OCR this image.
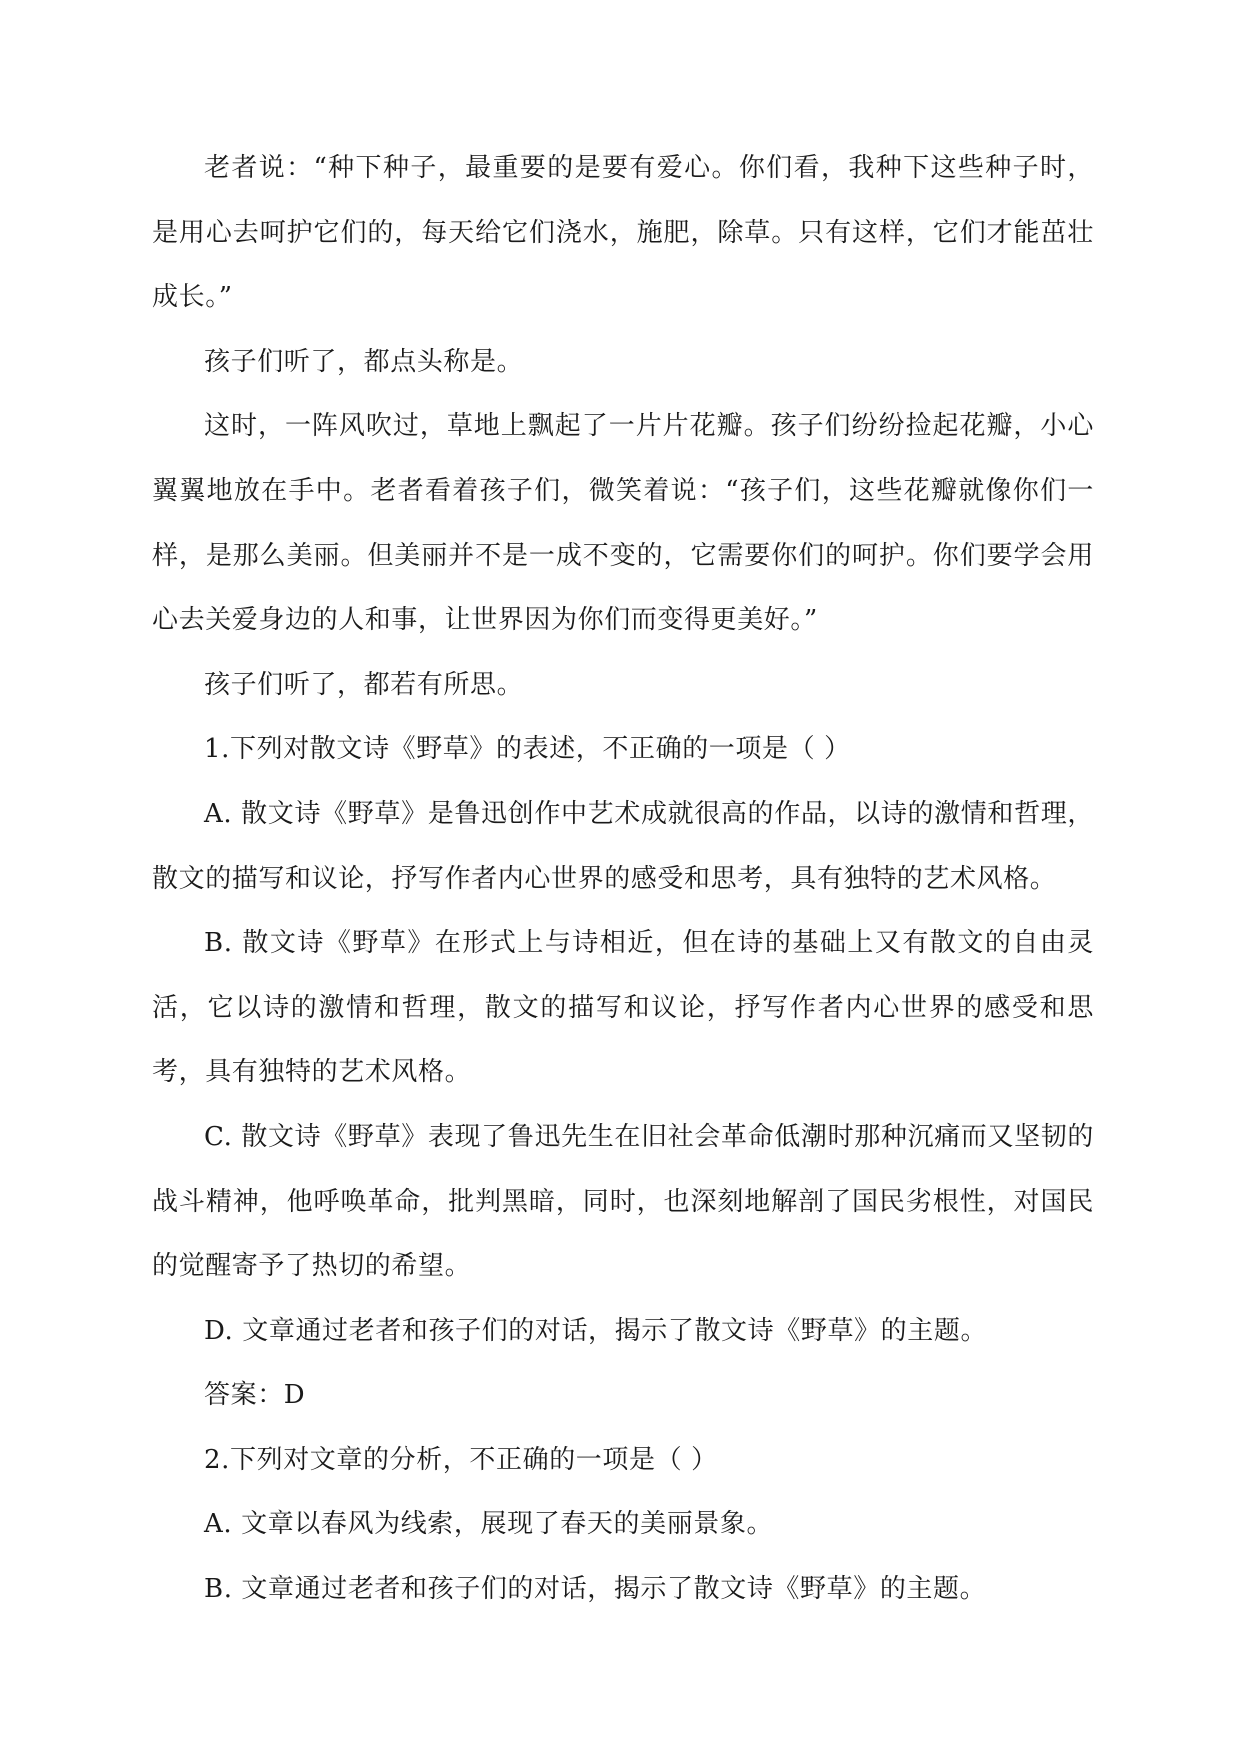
老者说：“种下种子，最重要的是要有爱心。你们看，我种下这些种子时，是用心去呵护它们的，每天给它们浇水，施肥，除草。只有这样，它们才能茁壮成长。”

孩子们听了，都点头称是。

这时，一阵风吹过，草地上飘起了一片片花瓣。孩子们纷纷捡起花瓣，小心翼翼地放在手中。老者看着孩子们，微笑着说：“孩子们，这些花瓣就像你们一样，是那么美丽。但美丽并不是一成不变的，它需要你们的呵护。你们要学会用心去关爱身边的人和事，让世界因为你们而变得更美好。”

孩子们听了，都若有所思。

1.下列对散文诗《野草》的表述，不正确的一项是（ ）

A. 散文诗《野草》是鲁迅创作中艺术成就很高的作品，以诗的激情和哲理，散文的描写和议论，抒写作者内心世界的感受和思考，具有独特的艺术风格。

B. 散文诗《野草》在形式上与诗相近，但在诗的基础上又有散文的自由灵活，它以诗的激情和哲理，散文的描写和议论，抒写作者内心世界的感受和思考，具有独特的艺术风格。

C. 散文诗《野草》表现了鲁迅先生在旧社会革命低潮时那种沉痛而又坚韧的战斗精神，他呼唤革命，批判黑暗，同时，也深刻地解剖了国民劣根性，对国民的觉醒寄予了热切的希望。

D. 文章通过老者和孩子们的对话，揭示了散文诗《野草》的主题。

答案：D

2.下列对文章的分析，不正确的一项是（ ）

A. 文章以春风为线索，展现了春天的美丽景象。

B. 文章通过老者和孩子们的对话，揭示了散文诗《野草》的主题。
